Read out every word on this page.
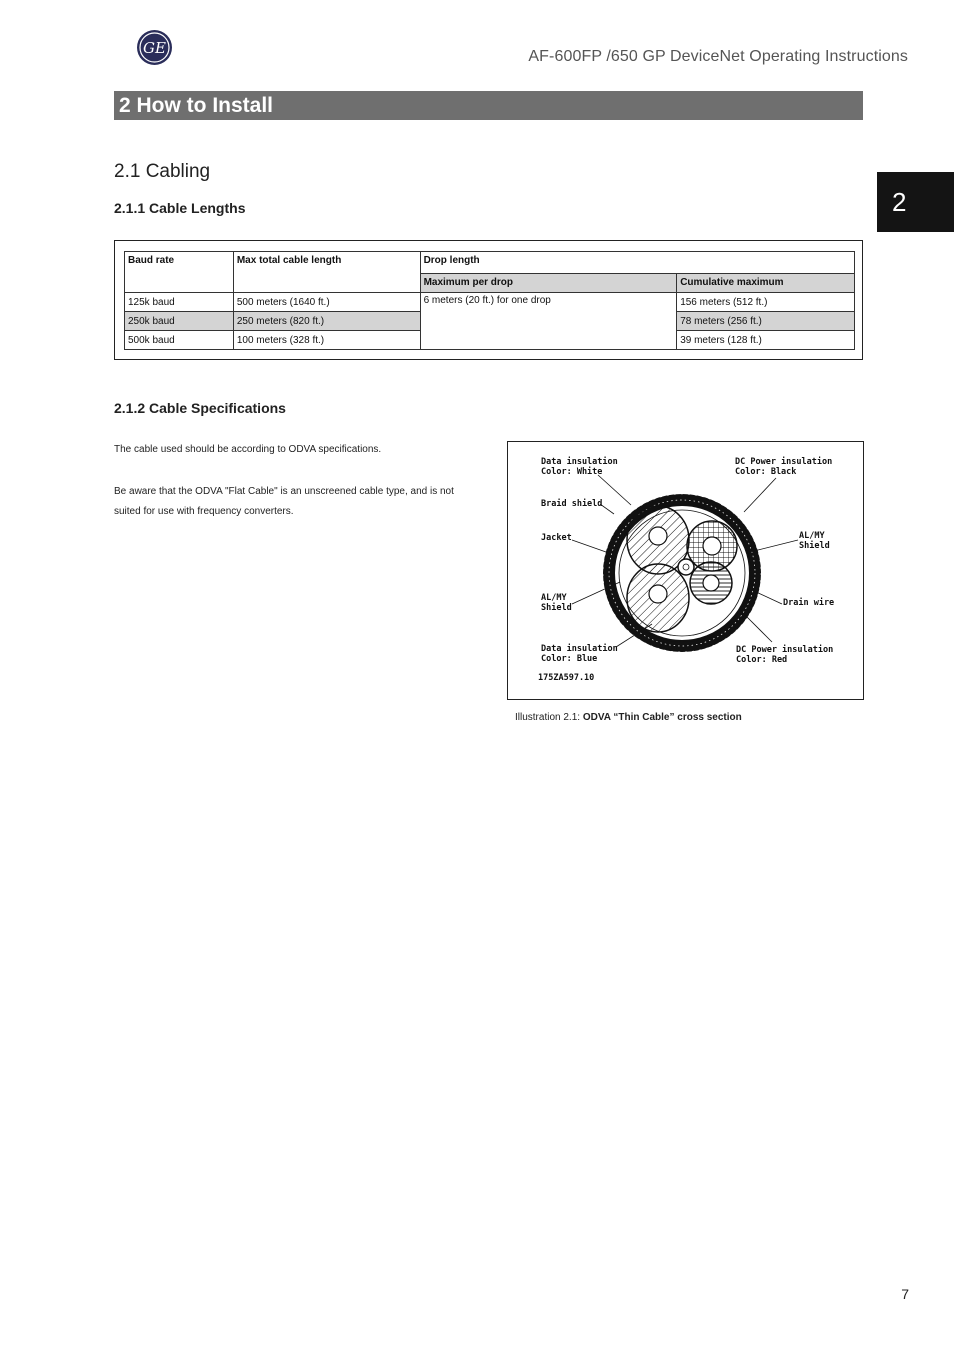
GE	AF-600FP /650 GP DeviceNet Operating Instructions
2 How to Install
2
2.1 Cabling
2.1.1 Cable Lengths
Baud rate	Max total cable length	Drop length	
		Maximum per drop	Cumulative maximum
125k baud	500 meters (1640 ft.)	6 meters (20 ft.) for one drop	156 meters (512 ft.)
250k baud	250 meters (820 ft.)		78 meters (256 ft.)
500k baud	100 meters (328 ft.)		39 meters (128 ft.)
2.1.2 Cable Specifications
The cable used should be according to ODVA specifications.
Be aware that the ODVA "Flat Cable" is an unscreened cable type, and is not
suited for use with frequency converters.
Data insulation
Color: White
DC Power insulation
Color: Black
Braid shield
Jacket	AL/MY
Shield
AL/MY
Shield	Drain wire
Data insulation
Color: Blue
DC Power insulation
Color: Red
175ZA597.10
Illustration 2.1: ODVA “Thin Cable” cross section
7
